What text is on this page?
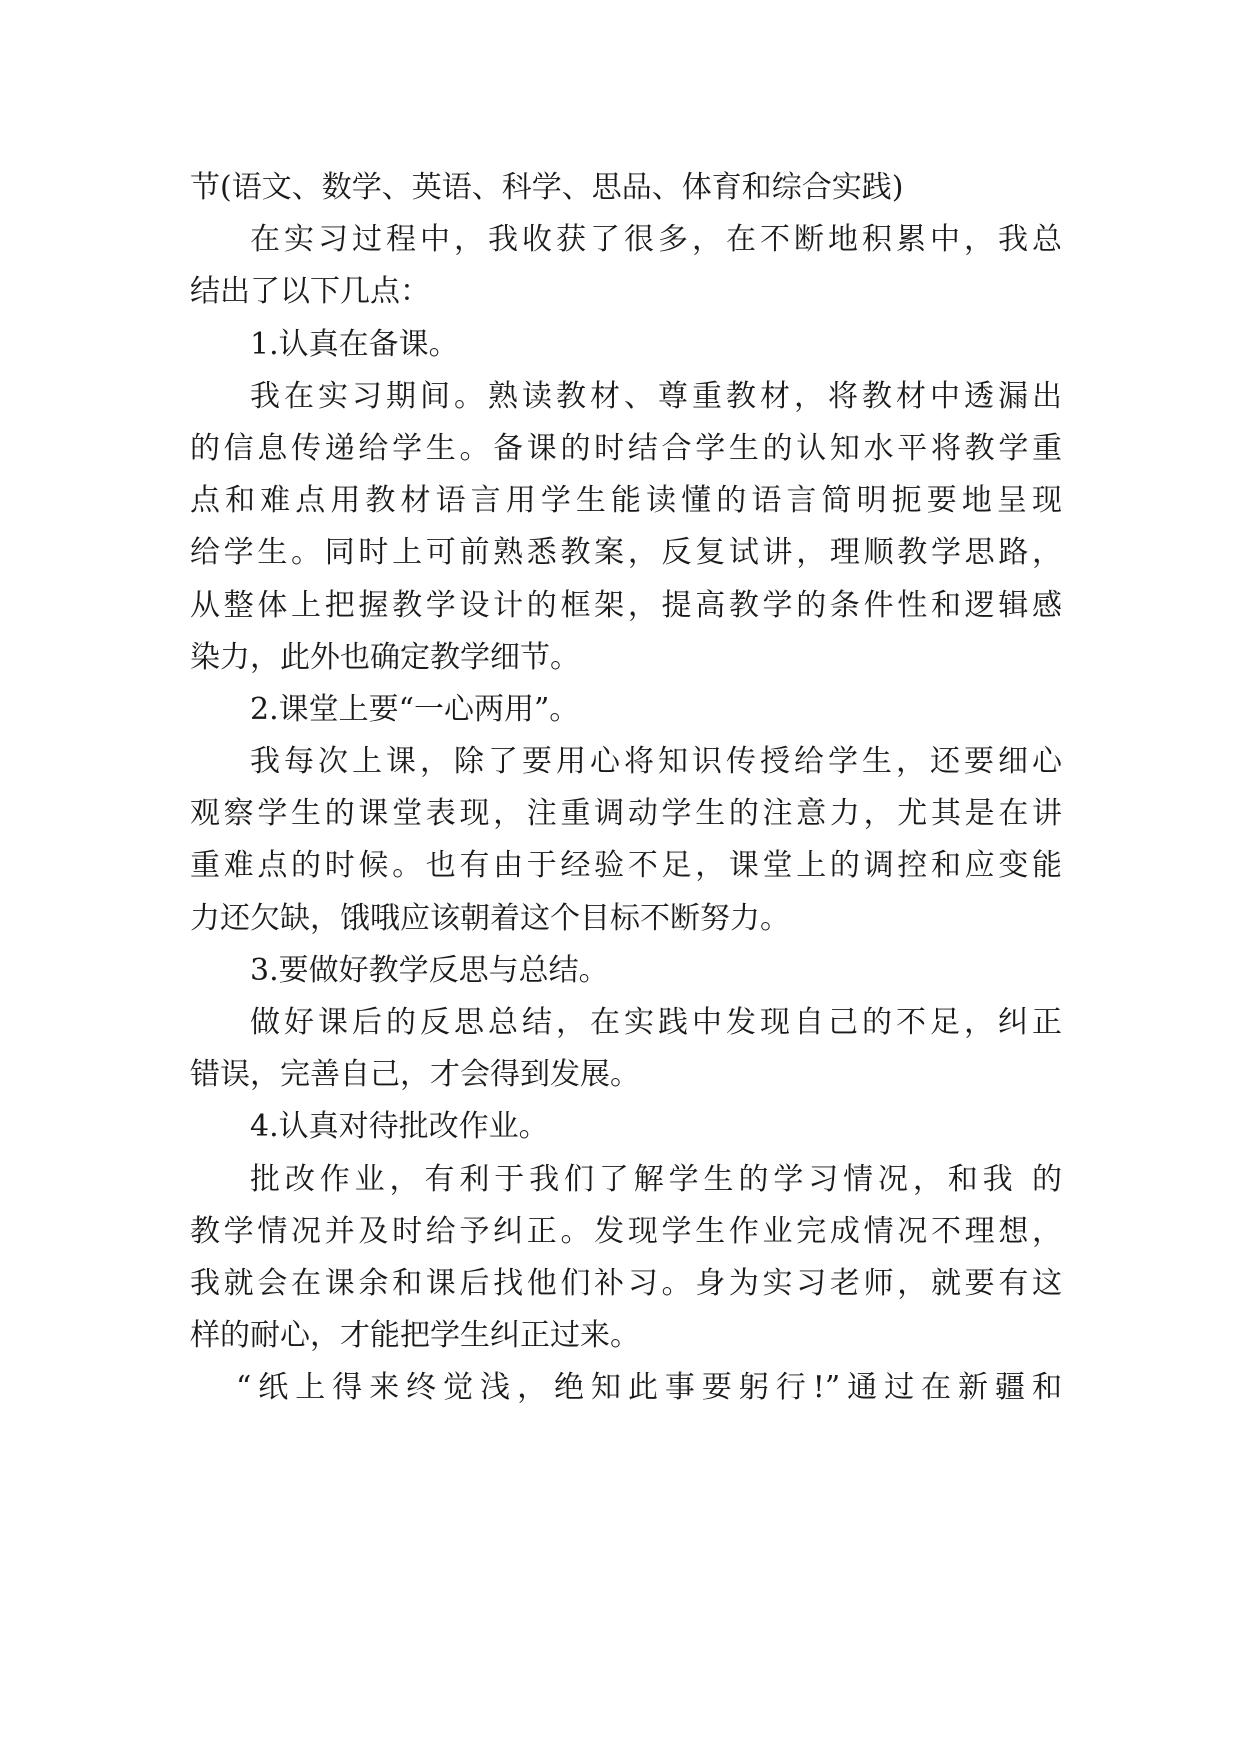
节(语文、数学、英语、科学、思品、体育和综合实践)
在实习过程中，我收获了很多，在不断地积累中，我总
结出了以下几点：
1.认真在备课。
我在实习期间。熟读教材、尊重教材，将教材中透漏出
的信息传递给学生。备课的时结合学生的认知水平将教学重
点和难点用教材语言用学生能读懂的语言简明扼要地呈现
给学生。同时上可前熟悉教案，反复试讲，理顺教学思路，
从整体上把握教学设计的框架，提高教学的条件性和逻辑感
染力，此外也确定教学细节。
2.课堂上要“一心两用”。
我每次上课，除了要用心将知识传授给学生，还要细心
观察学生的课堂表现，注重调动学生的注意力，尤其是在讲
重难点的时候。也有由于经验不足，课堂上的调控和应变能
力还欠缺，饿哦应该朝着这个目标不断努力。
3.要做好教学反思与总结。
做好课后的反思总结，在实践中发现自己的不足，纠正
错误，完善自己，才会得到发展。
4.认真对待批改作业。
批改作业，有利于我们了解学生的学习情况，和我 的
教学情况并及时给予纠正。发现学生作业完成情况不理想，
我就会在课余和课后找他们补习。身为实习老师，就要有这
样的耐心，才能把学生纠正过来。
“纸上得来终觉浅，绝知此事要躬行!”通过在新疆和
